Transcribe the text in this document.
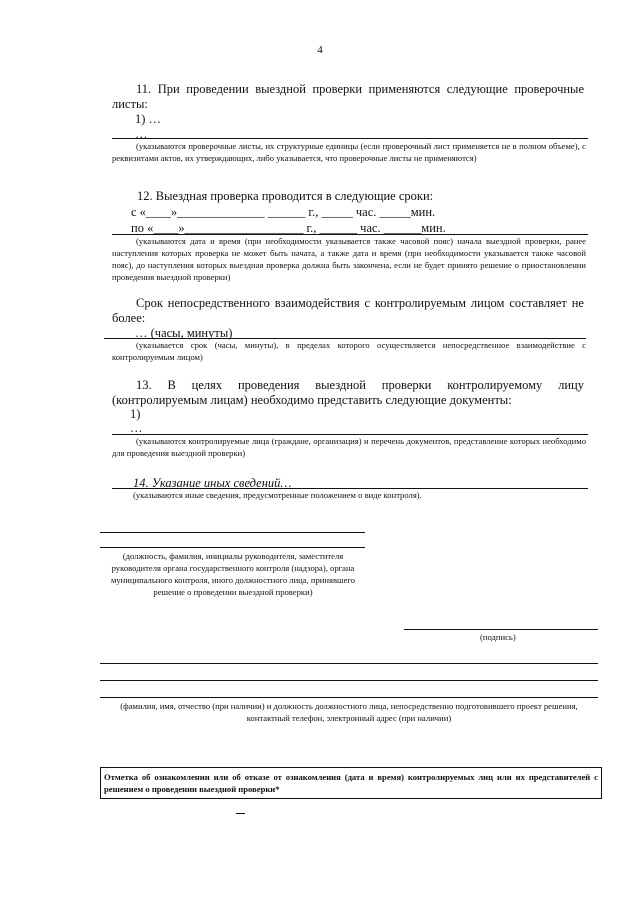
4
11. При проведении выездной проверки применяются следующие проверочные листы:
1) …
…
(указываются проверочные листы, их структурные единицы (если проверочный лист применяется не в полном объеме), с реквизитами актов, их утверждающих, либо указывается, что проверочные листы не применяются)
12. Выездная проверка проводится в следующие сроки:
с «____»______________ ______ г., _____ час. _____мин.
по «____»___________________ г., ______ час. ______мин.
(указываются дата и время (при необходимости указывается также часовой пояс) начала выездной проверки, ранее наступления которых проверка не может быть начата, а также дата и время (при необходимости указывается также часовой пояс), до наступления которых выездная проверка должна быть закончена, если не будет принято решение о приостановлении проведения выездной проверки)
Срок непосредственного взаимодействия с контролируемым лицом составляет не более:
… (часы, минуты)
(указывается срок (часы, минуты), в пределах которого осуществляется непосредственное взаимодействие с контролируемым лицом)
13. В целях проведения выездной проверки контролируемому лицу (контролируемым лицам) необходимо представить следующие документы:
1)
…
(указываются контролируемые лица (граждане, организация) и перечень документов, представление которых необходимо для проведения выездной проверки)
14. Указание иных сведений…
(указываются иные сведения, предусмотренные положением о виде контроля).
(должность, фамилия, инициалы руководителя, заместителя руководителя органа государственного контроля (надзора), органа муниципального контроля, иного должностного лица, принявшего решение о проведении выездной проверки)
(подпись)
(фамилия, имя, отчество (при наличии) и должность должностного лица, непосредственно подготовившего проект решения, контактный телефон, электронный адрес (при наличии)
Отметка об ознакомлении или об отказе от ознакомления (дата и время) контролируемых лиц или их представителей с решением о проведении выездной проверки*
